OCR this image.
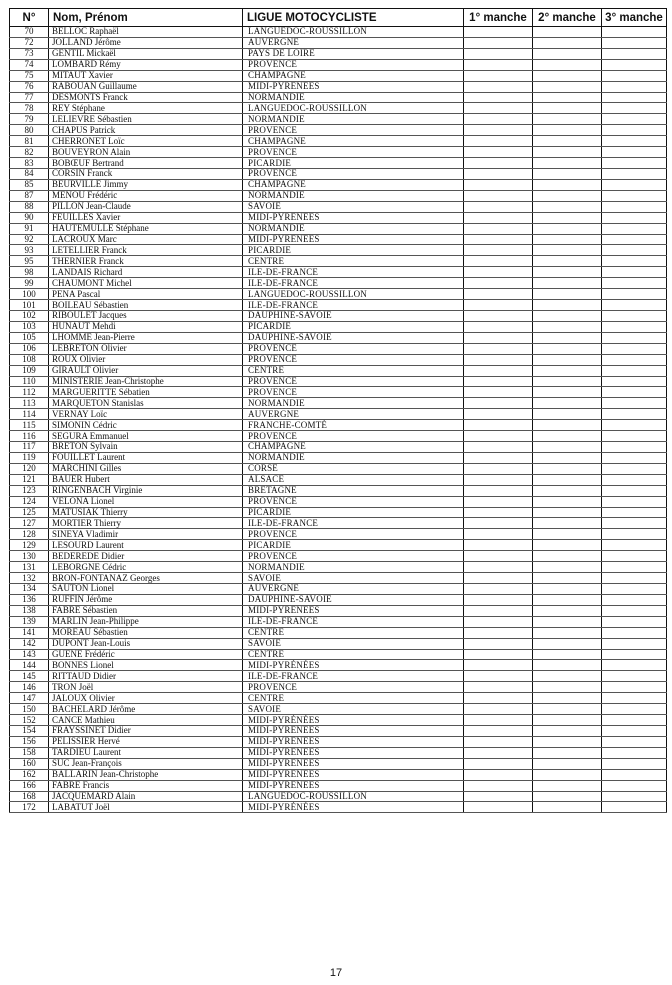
N°	Nom, Prénom	LIGUE MOTOCYCLISTE	1° manche	2° manche	3° manche
70	BELLOC Raphaël	LANGUEDOC-ROUSSILLON			
72	JOLLAND Jérôme	AUVERGNE			
73	GENTIL Mickaël	PAYS DE LOIRE			
74	LOMBARD Rémy	PROVENCE			
75	MITAUT Xavier	CHAMPAGNE			
76	RABOUAN Guillaume	MIDI-PYRÉNÉES			
77	DESMONTS Franck	NORMANDIE			
78	REY Stéphane	LANGUEDOC-ROUSSILLON			
79	LELIEVRE Sébastien	NORMANDIE			
80	CHAPUS Patrick	PROVENCE			
81	CHERRONET Loïc	CHAMPAGNE			
82	BOUVEYRON Alain	PROVENCE			
83	BOBŒUF Bertrand	PICARDIE			
84	CORSIN Franck	PROVENCE			
85	BEURVILLE Jimmy	CHAMPAGNE			
87	MENOU Frédéric	NORMANDIE			
88	PILLON Jean-Claude	SAVOIE			
90	FEUILLES Xavier	MIDI-PYRÉNÉES			
91	HAUTEMULLE Stéphane	NORMANDIE			
92	LACROUX Marc	MIDI-PYRÉNÉES			
93	LETELLIER Franck	PICARDIE			
95	THERNIER Franck	CENTRE			
98	LANDAIS Richard	ILE-DE-FRANCE			
99	CHAUMONT Michel	ILE-DE-FRANCE			
100	PENA Pascal	LANGUEDOC-ROUSSILLON			
101	BOILEAU Sébastien	ILE-DE-FRANCE			
102	RIBOULET Jacques	DAUPHINÉ-SAVOIE			
103	HUNAUT Mehdi	PICARDIE			
105	LHOMME Jean-Pierre	DAUPHINÉ-SAVOIE			
106	LEBRETON Olivier	PROVENCE			
108	ROUX Olivier	PROVENCE			
109	GIRAULT Olivier	CENTRE			
110	MINISTERIE Jean-Christophe	PROVENCE			
112	MARGUERITTE Sébatien	PROVENCE			
113	MARQUETON Stanislas	NORMANDIE			
114	VERNAY Loïc	AUVERGNE			
115	SIMONIN Cédric	FRANCHE-COMTÉ			
116	SEGURA Emmanuel	PROVENCE			
117	BRETON Sylvain	CHAMPAGNE			
119	FOUILLET Laurent	NORMANDIE			
120	MARCHINI Gilles	CORSE			
121	BAUER Hubert	ALSACE			
123	RINGENBACH Virginie	BRETAGNE			
124	VELONA Lionel	PROVENCE			
125	MATUSIAK Thierry	PICARDIE			
127	MORTIER Thierry	ILE-DE-FRANCE			
128	SINEYA Vladimir	PROVENCE			
129	LESOURD Laurent	PICARDIE			
130	BEDEREDE Didier	PROVENCE			
131	LEBORGNE Cédric	NORMANDIE			
132	BRON-FONTANAZ Georges	SAVOIE			
134	SAUTON Lionel	AUVERGNE			
136	RUFFIN Jérôme	DAUPHINÉ-SAVOIE			
138	FABRE Sébastien	MIDI-PYRÉNÉES			
139	MARLIN Jean-Philippe	ILE-DE-FRANCE			
141	MOREAU Sébastien	CENTRE			
142	DUPONT Jean-Louis	SAVOIE			
143	GUENE Frédéric	CENTRE			
144	BONNES Lionel	MIDI-PYRÉNÉES			
145	RITTAUD Didier	ILE-DE-FRANCE			
146	TRON Joël	PROVENCE			
147	JALOUX Olivier	CENTRE			
150	BACHELARD Jérôme	SAVOIE			
152	CANCE Mathieu	MIDI-PYRÉNÉES			
154	FRAYSSINET Didier	MIDI-PYRÉNÉES			
156	PELISSIER Hervé	MIDI-PYRÉNÉES			
158	TARDIEU Laurent	MIDI-PYRÉNÉES			
160	SUC Jean-François	MIDI-PYRÉNÉES			
162	BALLARIN Jean-Christophe	MIDI-PYRÉNÉES			
166	FABRE Francis	MIDI-PYRÉNÉES			
168	JACQUEMARD Alain	LANGUEDOC-ROUSSILLON			
172	LABATUT Joël	MIDI-PYRÉNÉES			
17
